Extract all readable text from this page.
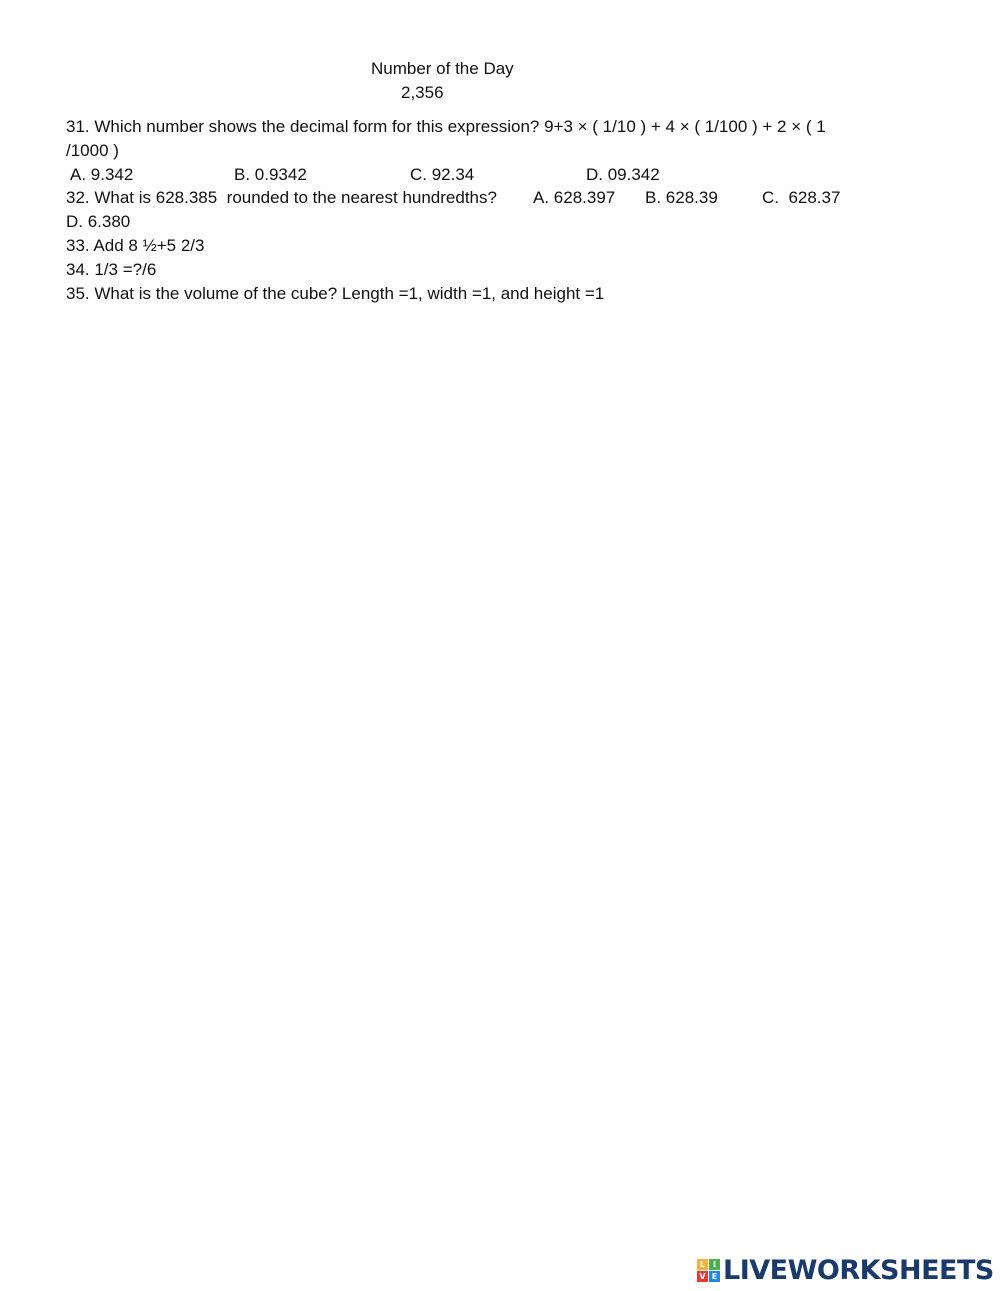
Number of the Day
2,356
31. Which number shows the decimal form for this expression? 9+3 × ( 1/10 ) + 4 × ( 1/100 ) + 2 × ( 1
/1000 )
A. 9.342	B. 0.9342	C. 92.34	D. 09.342
32. What is 628.385  rounded to the nearest hundredths? A. 628.397 B. 628.39	C.  628.37
D. 6.380
33. Add 8 ½+5 2/3
34. 1/3 =?/6
35. What is the volume of the cube? Length =1, width =1, and height =1
L I
V E LIVEWORKSHEETS
